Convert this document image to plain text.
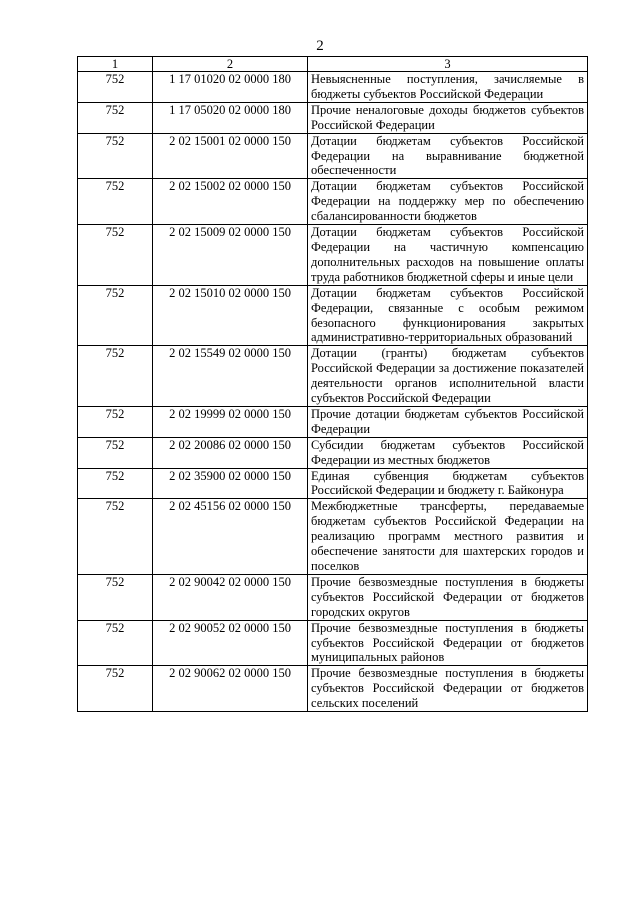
2
1	2	3
752	1 17 01020 02 0000 180	Невыясненные поступления, зачисляемые в бюджеты субъектов Российской Федерации
752	1 17 05020 02 0000 180	Прочие неналоговые доходы бюджетов субъектов Российской Федерации
752	2 02 15001 02 0000 150	Дотации бюджетам субъектов Российской Федерации на выравнивание бюджетной обеспеченности
752	2 02 15002 02 0000 150	Дотации бюджетам субъектов Российской Федерации на поддержку мер по обеспечению сбалансированности бюджетов
752	2 02 15009 02 0000 150	Дотации бюджетам субъектов Российской Федерации на частичную компенсацию дополнительных расходов на повышение оплаты труда работников бюджетной сферы и иные цели
752	2 02 15010 02 0000 150	Дотации бюджетам субъектов Российской Федерации, связанные с особым режимом безопасного функционирования закрытых административно-территориальных образований
752	2 02 15549 02 0000 150	Дотации (гранты) бюджетам субъектов Российской Федерации за достижение показателей деятельности органов исполнительной власти субъектов Российской Федерации
752	2 02 19999 02 0000 150	Прочие дотации бюджетам субъектов Российской Федерации
752	2 02 20086 02 0000 150	Субсидии бюджетам субъектов Российской Федерации из местных бюджетов
752	2 02 35900 02 0000 150	Единая субвенция бюджетам субъектов Российской Федерации и бюджету г. Байконура
752	2 02 45156 02 0000 150	Межбюджетные трансферты, передаваемые бюджетам субъектов Российской Федерации на реализацию программ местного развития и обеспечение занятости для шахтерских городов и поселков
752	2 02 90042 02 0000 150	Прочие безвозмездные поступления в бюджеты субъектов Российской Федерации от бюджетов городских округов
752	2 02 90052 02 0000 150	Прочие безвозмездные поступления в бюджеты субъектов Российской Федерации от бюджетов муниципальных районов
752	2 02 90062 02 0000 150	Прочие безвозмездные поступления в бюджеты субъектов Российской Федерации от бюджетов сельских поселений
